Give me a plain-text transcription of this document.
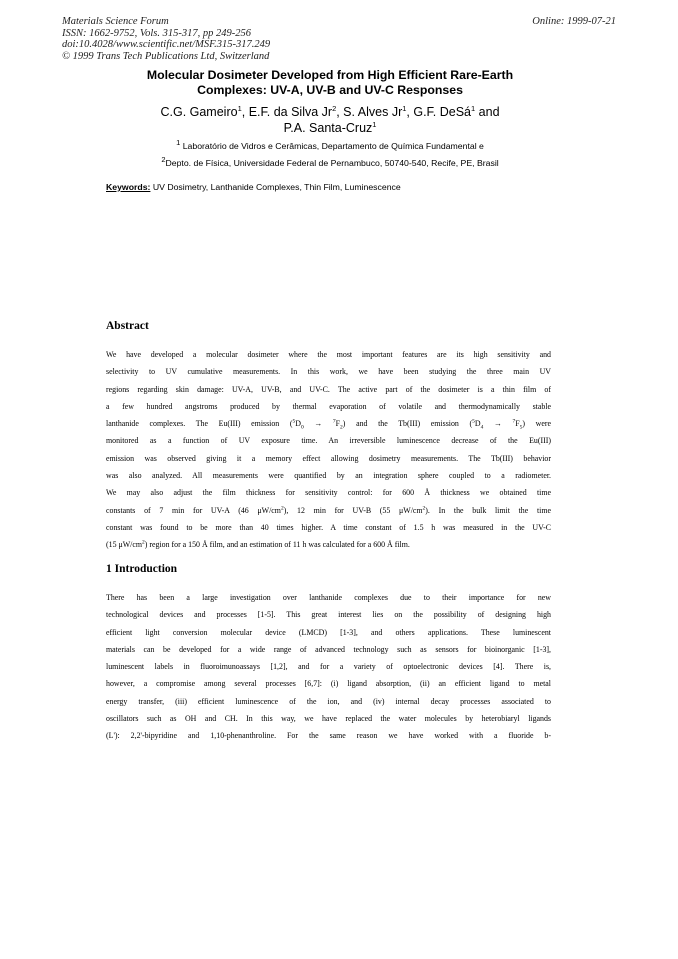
Materials Science Forum
ISSN: 1662-9752, Vols. 315-317, pp 249-256
doi:10.4028/www.scientific.net/MSF.315-317.249
© 1999 Trans Tech Publications Ltd, Switzerland
Online: 1999-07-21
Molecular Dosimeter Developed from High Efficient Rare-Earth
Complexes: UV-A, UV-B and UV-C Responses
C.G. Gameiro$^1$, E.F. da Silva Jr$^2$, S. Alves Jr$^1$, G.F. DeSá$^1$ and
P.A. Santa-Cruz$^1$
$^1$ Laboratório de Vidros e Cerâmicas, Departamento de Química Fundamental e
$^2$Depto. de Física, Universidade Federal de Pernambuco, 50740-540, Recife, PE, Brasil
Keywords: UV Dosimetry, Lanthanide Complexes, Thin Film, Luminescence
Abstract
We have developed a molecular dosimeter where the most important features are its high sensitivity and
selectivity to UV cumulative measurements. In this work, we have been studying the three main UV
regions regarding skin damage: UV-A, UV-B, and UV-C. The active part of the dosimeter is a thin film of
a few hundred angstroms produced by thermal evaporation of volatile and thermodynamically stable
lanthanide complexes. The Eu(III) emission $(^5D_0 \to ^7F_2)$ and the Tb(III) emission $(^5D_4 \to ^7F_5)$ were
monitored as a function of UV exposure time. An irreversible luminescence decrease of the Eu(III)
emission was observed giving it a memory effect allowing dosimetry measurements. The Tb(III) behavior
was also analyzed. All measurements were quantified by an integration sphere coupled to a radiometer.
We may also adjust the film thickness for sensitivity control: for 600 Å thickness we obtained time
constants of 7 min for UV-A (46 $\mu W/cm^2$), 12 min for UV-B (55 $\mu W/cm^2$). In the bulk limit the time
constant was found to be more than 40 times higher. A time constant of 1.5 h was measured in the UV-C
(15 $\mu W/cm^2$) region for a 150 Å film, and an estimation of 11 h was calculated for a 600 Å film.
1 Introduction
There has been a large investigation over lanthanide complexes due to their importance for new
technological devices and processes [1-5]. This great interest lies on the possibility of designing high
efficient light conversion molecular device (LMCD) [1-3], and others applications. These luminescent
materials can be developed for a wide range of advanced technology such as sensors for bioinorganic [1-3],
luminescent labels in fluoroimunoassays [1,2], and for a variety of optoelectronic devices [4]. There is,
however, a compromise among several processes [6,7]: (i) ligand absorption, (ii) an efficient ligand to metal
energy transfer, (iii) efficient luminescence of the ion, and (iv) internal decay processes associated to
oscillators such as OH and CH. In this way, we have replaced the water molecules by heterobiaryl ligands
(L'): 2,2'-bipyridine and 1,10-phenanthroline. For the same reason we have worked with a fluoride b-
